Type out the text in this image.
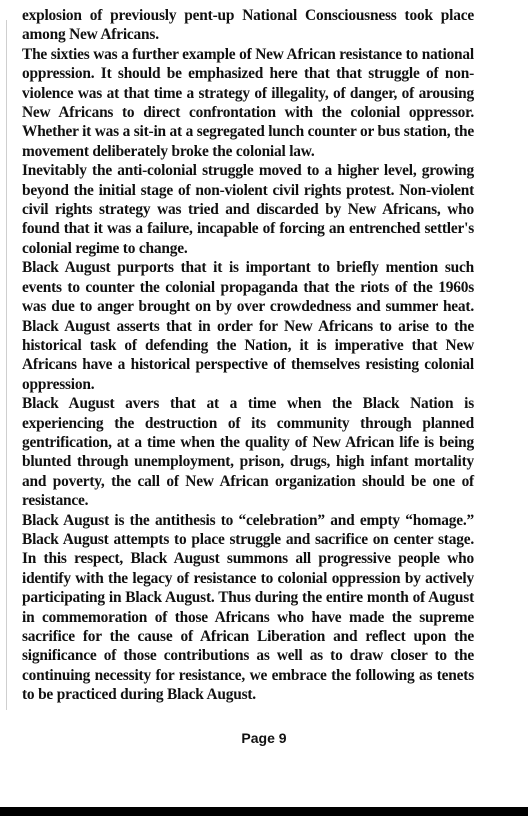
explosion of previously pent-up National Consciousness took place among New Africans.

The sixties was a further example of New African resistance to national oppression. It should be emphasized here that that struggle of non-violence was at that time a strategy of illegality, of danger, of arousing New Africans to direct confrontation with the colonial oppressor. Whether it was a sit-in at a segregated lunch counter or bus station, the movement deliberately broke the colonial law.

Inevitably the anti-colonial struggle moved to a higher level, growing beyond the initial stage of non-violent civil rights protest. Non-violent civil rights strategy was tried and discarded by New Africans, who found that it was a failure, incapable of forcing an entrenched settler's colonial regime to change.

Black August purports that it is important to briefly mention such events to counter the colonial propaganda that the riots of the 1960s was due to anger brought on by over crowdedness and summer heat. Black August asserts that in order for New Africans to arise to the historical task of defending the Nation, it is imperative that New Africans have a historical perspective of themselves resisting colonial oppression.

Black August avers that at a time when the Black Nation is experiencing the destruction of its community through planned gentrification, at a time when the quality of New African life is being blunted through unemployment, prison, drugs, high infant mortality and poverty, the call of New African organization should be one of resistance.

Black August is the antithesis to “celebration” and empty “homage.” Black August attempts to place struggle and sacrifice on center stage. In this respect, Black August summons all progressive people who identify with the legacy of resistance to colonial oppression by actively participating in Black August. Thus during the entire month of August in commemoration of those Africans who have made the supreme sacrifice for the cause of African Liberation and reflect upon the significance of those contributions as well as to draw closer to the continuing necessity for resistance, we embrace the following as tenets to be practiced during Black August.

Page 9
